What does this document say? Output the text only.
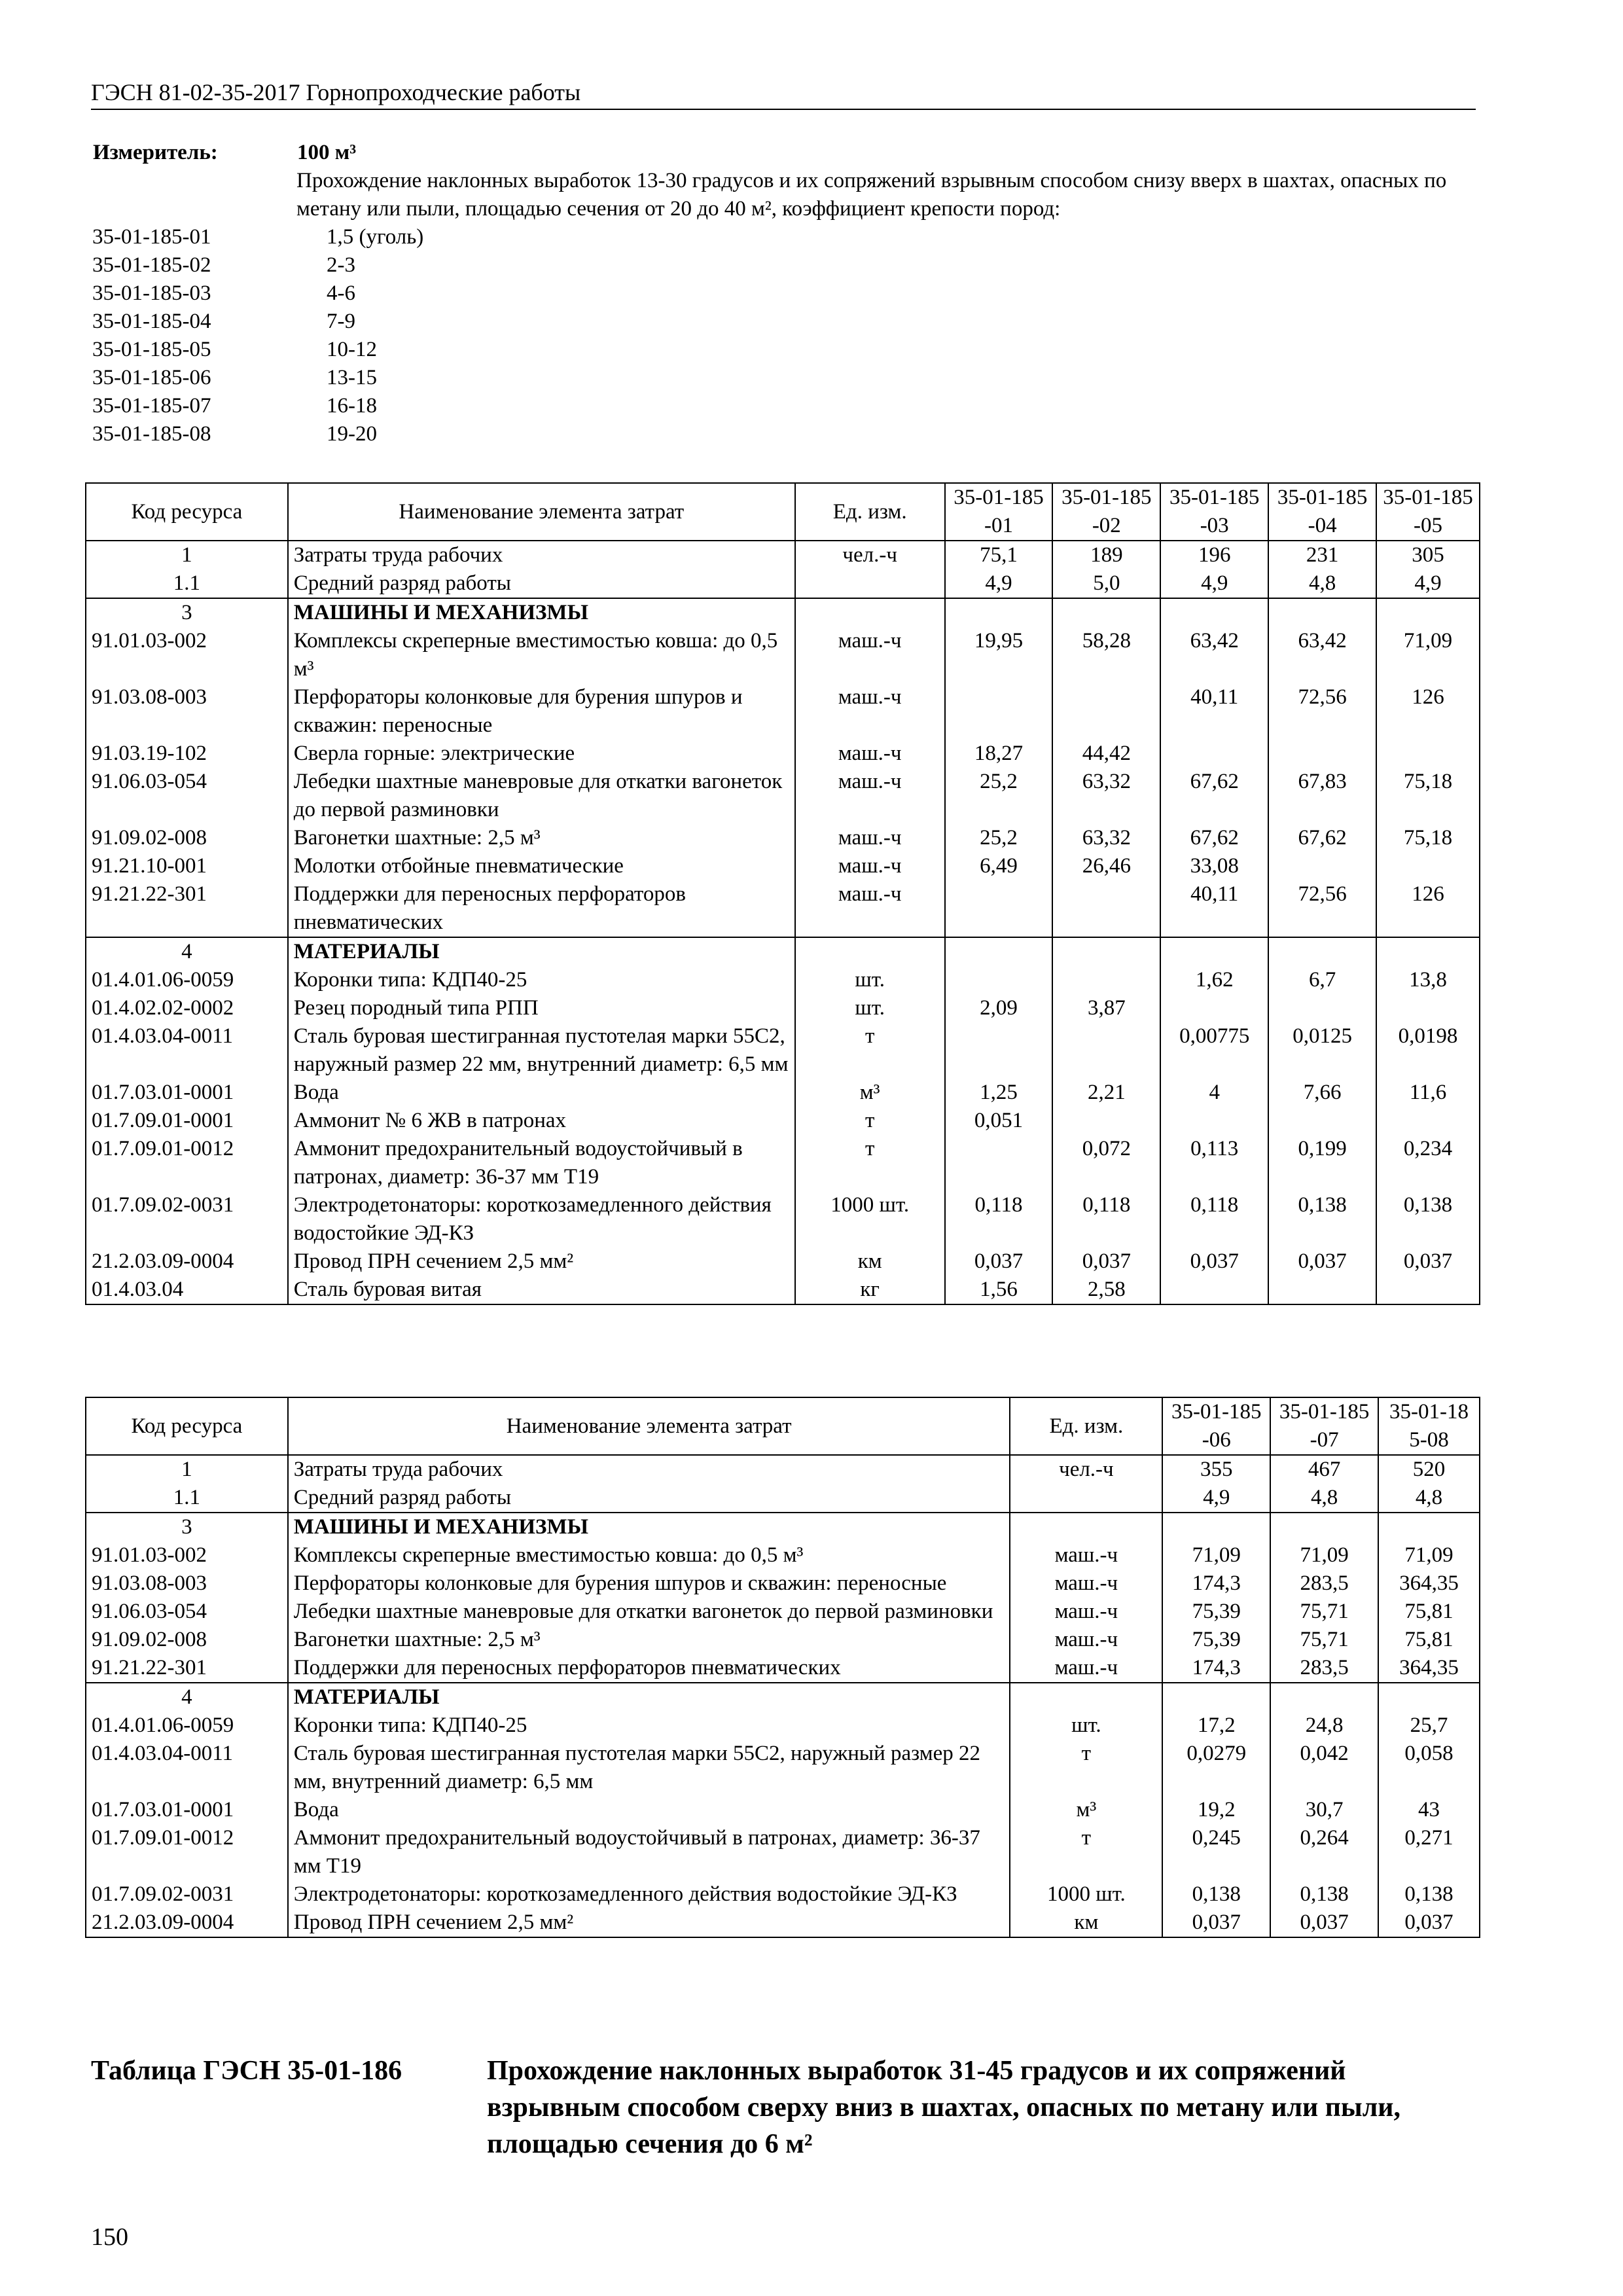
ГЭСН 81-02-35-2017 Горнопроходческие работы
Измеритель:	100 м³
Прохождение наклонных выработок 13-30 градусов и их сопряжений взрывным способом снизу вверх в шахтах, опасных по метану или пыли, площадью сечения от 20 до 40 м², коэффициент крепости пород:
35-01-185-01	1,5 (уголь)
35-01-185-02	2-3
35-01-185-03	4-6
35-01-185-04	7-9
35-01-185-05	10-12
35-01-185-06	13-15
35-01-185-07	16-18
35-01-185-08	19-20
Код ресурса	Наименование элемента затрат	Ед. изм.	35-01-185-01	35-01-185-02	35-01-185-03	35-01-185-04	35-01-185-05
1	Затраты труда рабочих	чел.-ч	75,1	189	196	231	305
1.1	Средний разряд работы		4,9	5,0	4,9	4,8	4,9
3	МАШИНЫ И МЕХАНИЗМЫ						
91.01.03-002	Комплексы скреперные вместимостью ковша: до 0,5 м³	маш.-ч	19,95	58,28	63,42	63,42	71,09
91.03.08-003	Перфораторы колонковые для бурения шпуров и скважин: переносные	маш.-ч			40,11	72,56	126
91.03.19-102	Сверла горные: электрические	маш.-ч	18,27	44,42			
91.06.03-054	Лебедки шахтные маневровые для откатки вагонеток до первой разминовки	маш.-ч	25,2	63,32	67,62	67,83	75,18
91.09.02-008	Вагонетки шахтные: 2,5 м³	маш.-ч	25,2	63,32	67,62	67,62	75,18
91.21.10-001	Молотки отбойные пневматические	маш.-ч	6,49	26,46	33,08		
91.21.22-301	Поддержки для переносных перфораторов пневматических	маш.-ч			40,11	72,56	126
4	МАТЕРИАЛЫ						
01.4.01.06-0059	Коронки типа: КДП40-25	шт.			1,62	6,7	13,8
01.4.02.02-0002	Резец породный типа РПП	шт.	2,09	3,87			
01.4.03.04-0011	Сталь буровая шестигранная пустотелая марки 55С2, наружный размер 22 мм, внутренний диаметр: 6,5 мм	т			0,00775	0,0125	0,0198
01.7.03.01-0001	Вода	м³	1,25	2,21	4	7,66	11,6
01.7.09.01-0001	Аммонит № 6 ЖВ в патронах	т	0,051				
01.7.09.01-0012	Аммонит предохранительный водоустойчивый в патронах, диаметр: 36-37 мм Т19	т		0,072	0,113	0,199	0,234
01.7.09.02-0031	Электродетонаторы: короткозамедленного действия водостойкие ЭД-КЗ	1000 шт.	0,118	0,118	0,118	0,138	0,138
21.2.03.09-0004	Провод ПРН сечением 2,5 мм²	км	0,037	0,037	0,037	0,037	0,037
01.4.03.04	Сталь буровая витая	кг	1,56	2,58			
Код ресурса	Наименование элемента затрат	Ед. изм.	35-01-185-06	35-01-185-07	35-01-185-08
1	Затраты труда рабочих	чел.-ч	355	467	520
1.1	Средний разряд работы		4,9	4,8	4,8
3	МАШИНЫ И МЕХАНИЗМЫ				
91.01.03-002	Комплексы скреперные вместимостью ковша: до 0,5 м³	маш.-ч	71,09	71,09	71,09
91.03.08-003	Перфораторы колонковые для бурения шпуров и скважин: переносные	маш.-ч	174,3	283,5	364,35
91.06.03-054	Лебедки шахтные маневровые для откатки вагонеток до первой разминовки	маш.-ч	75,39	75,71	75,81
91.09.02-008	Вагонетки шахтные: 2,5 м³	маш.-ч	75,39	75,71	75,81
91.21.22-301	Поддержки для переносных перфораторов пневматических	маш.-ч	174,3	283,5	364,35
4	МАТЕРИАЛЫ				
01.4.01.06-0059	Коронки типа: КДП40-25	шт.	17,2	24,8	25,7
01.4.03.04-0011	Сталь буровая шестигранная пустотелая марки 55С2, наружный размер 22 мм, внутренний диаметр: 6,5 мм	т	0,0279	0,042	0,058
01.7.03.01-0001	Вода	м³	19,2	30,7	43
01.7.09.01-0012	Аммонит предохранительный водоустойчивый в патронах, диаметр: 36-37 мм Т19	т	0,245	0,264	0,271
01.7.09.02-0031	Электродетонаторы: короткозамедленного действия водостойкие ЭД-КЗ	1000 шт.	0,138	0,138	0,138
21.2.03.09-0004	Провод ПРН сечением 2,5 мм²	км	0,037	0,037	0,037
Таблица ГЭСН 35-01-186	Прохождение наклонных выработок 31-45 градусов и их сопряжений взрывным способом сверху вниз в шахтах, опасных по метану или пыли, площадью сечения до 6 м²
150
